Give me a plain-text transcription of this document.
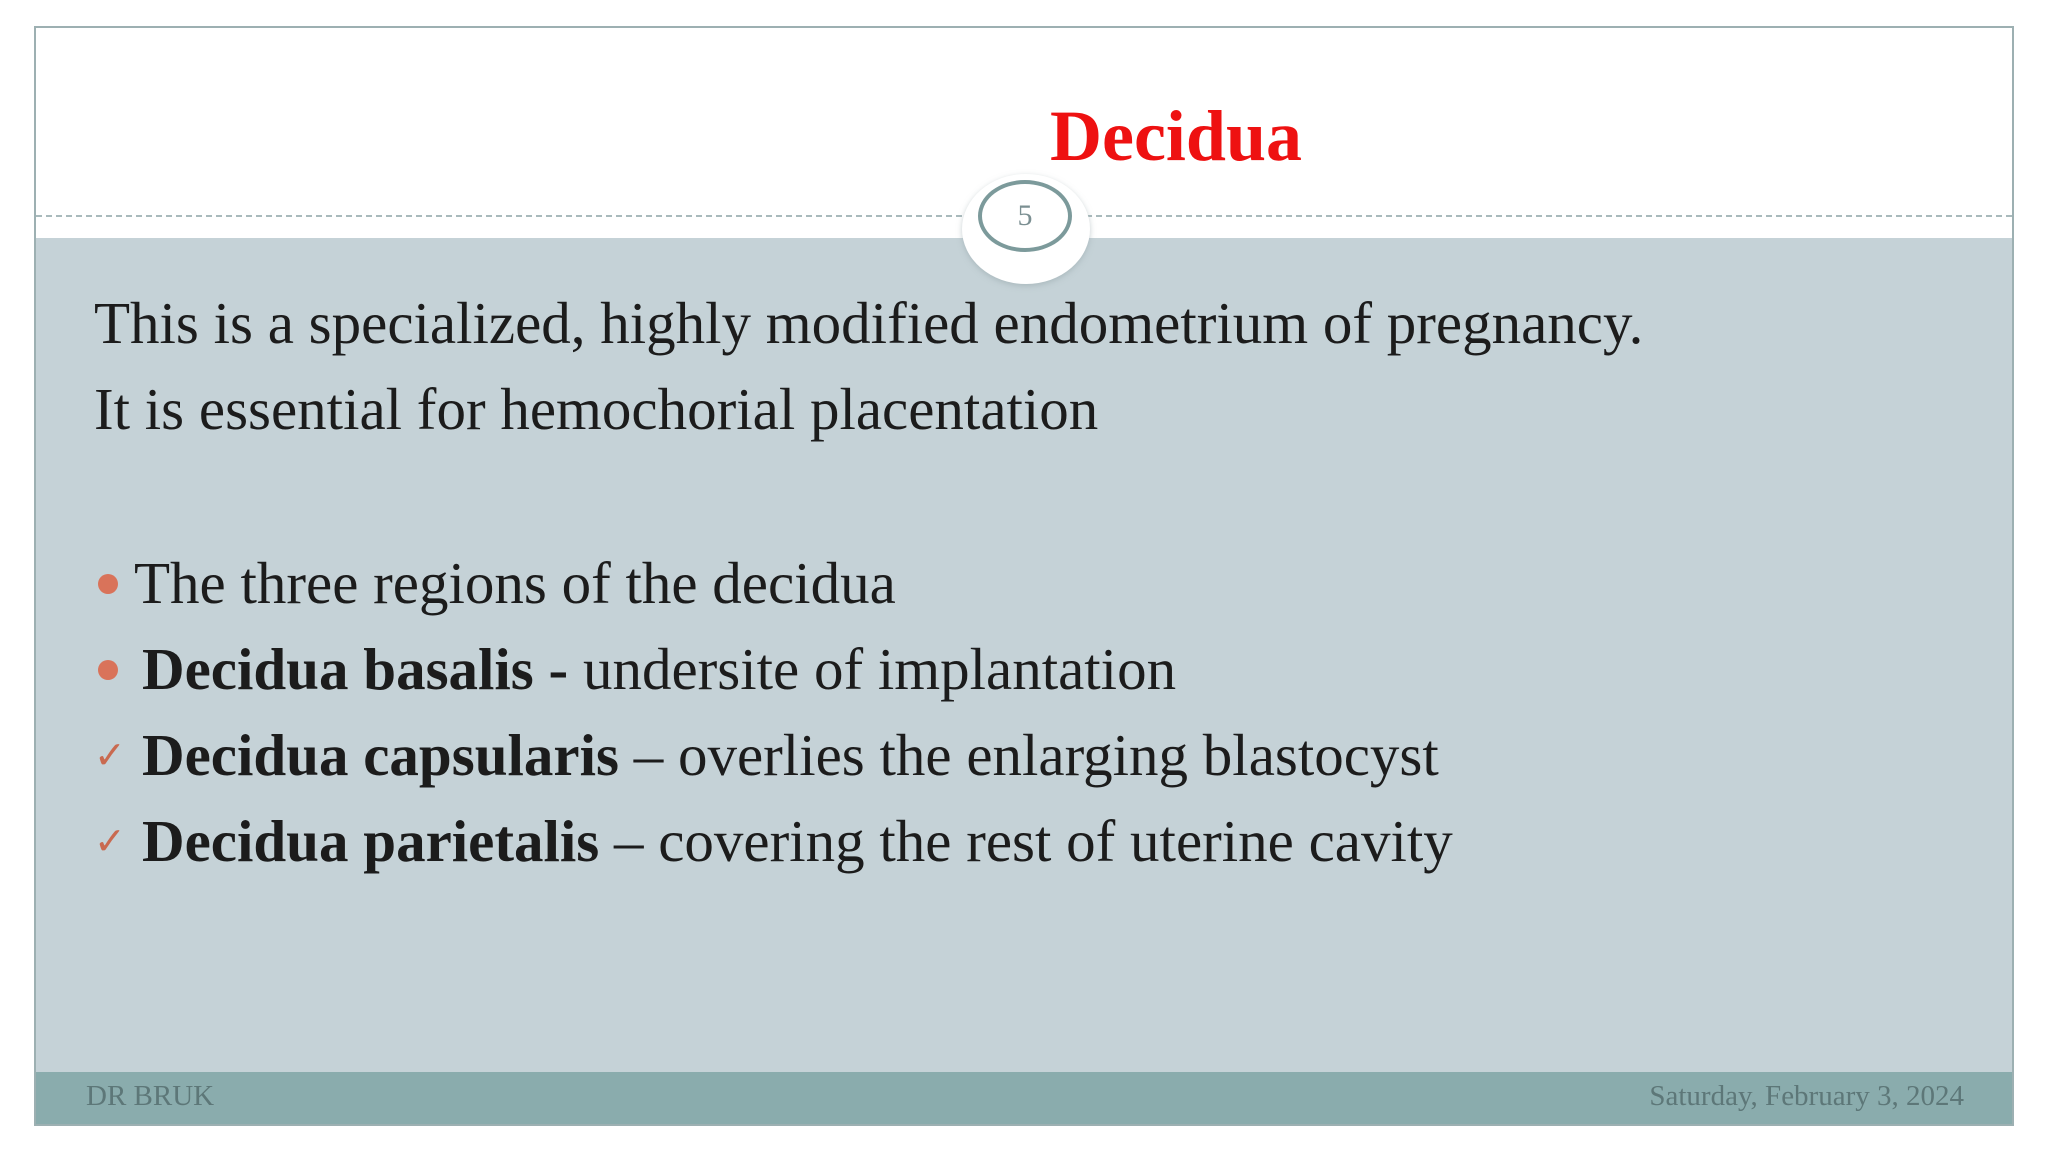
Decidua
5
This is a specialized, highly modified endometrium of pregnancy.
It is essential for hemochorial placentation
The three regions of the decidua
Decidua basalis - undersite of implantation
✓ Decidua capsularis – overlies the enlarging blastocyst
✓ Decidua parietalis – covering the rest of uterine cavity
DR BRUK	Saturday, February 3, 2024
